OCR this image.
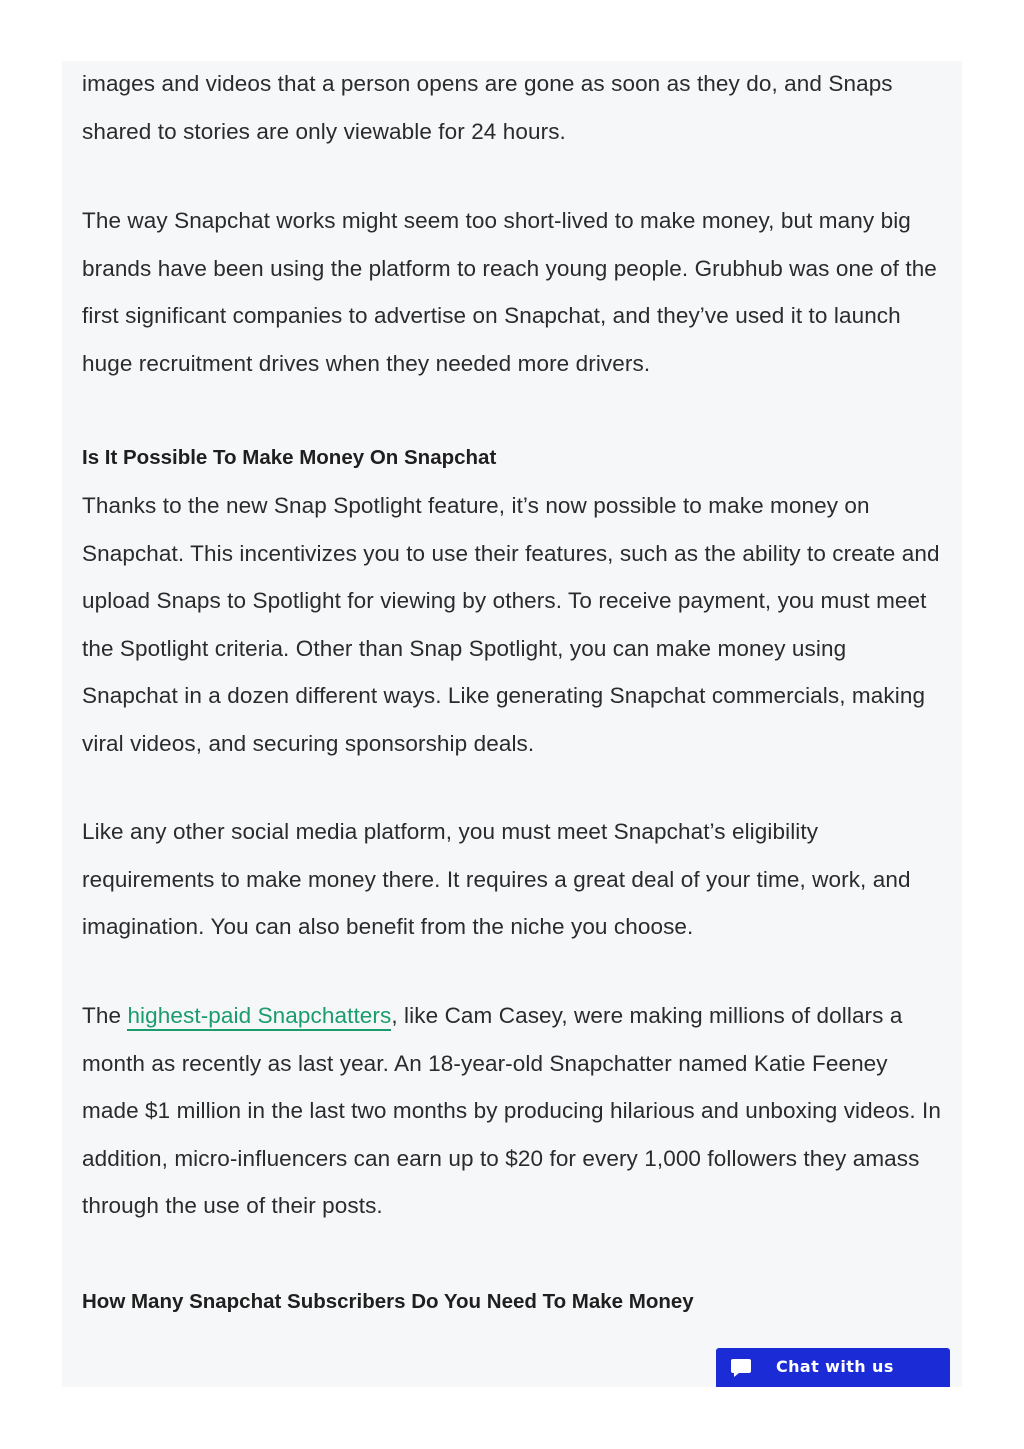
images and videos that a person opens are gone as soon as they do, and Snaps shared to stories are only viewable for 24 hours.

The way Snapchat works might seem too short-lived to make money, but many big brands have been using the platform to reach young people. Grubhub was one of the first significant companies to advertise on Snapchat, and they’ve used it to launch huge recruitment drives when they needed more drivers.

Is It Possible To Make Money On Snapchat

Thanks to the new Snap Spotlight feature, it’s now possible to make money on Snapchat. This incentivizes you to use their features, such as the ability to create and upload Snaps to Spotlight for viewing by others. To receive payment, you must meet the Spotlight criteria. Other than Snap Spotlight, you can make money using Snapchat in a dozen different ways. Like generating Snapchat commercials, making viral videos, and securing sponsorship deals.

Like any other social media platform, you must meet Snapchat’s eligibility requirements to make money there. It requires a great deal of your time, work, and imagination. You can also benefit from the niche you choose.

The highest-paid Snapchatters, like Cam Casey, were making millions of dollars a month as recently as last year. An 18-year-old Snapchatter named Katie Feeney made $1 million in the last two months by producing hilarious and unboxing videos. In addition, micro-influencers can earn up to $20 for every 1,000 followers they amass through the use of their posts.

How Many Snapchat Subscribers Do You Need To Make Money
Chat with us
